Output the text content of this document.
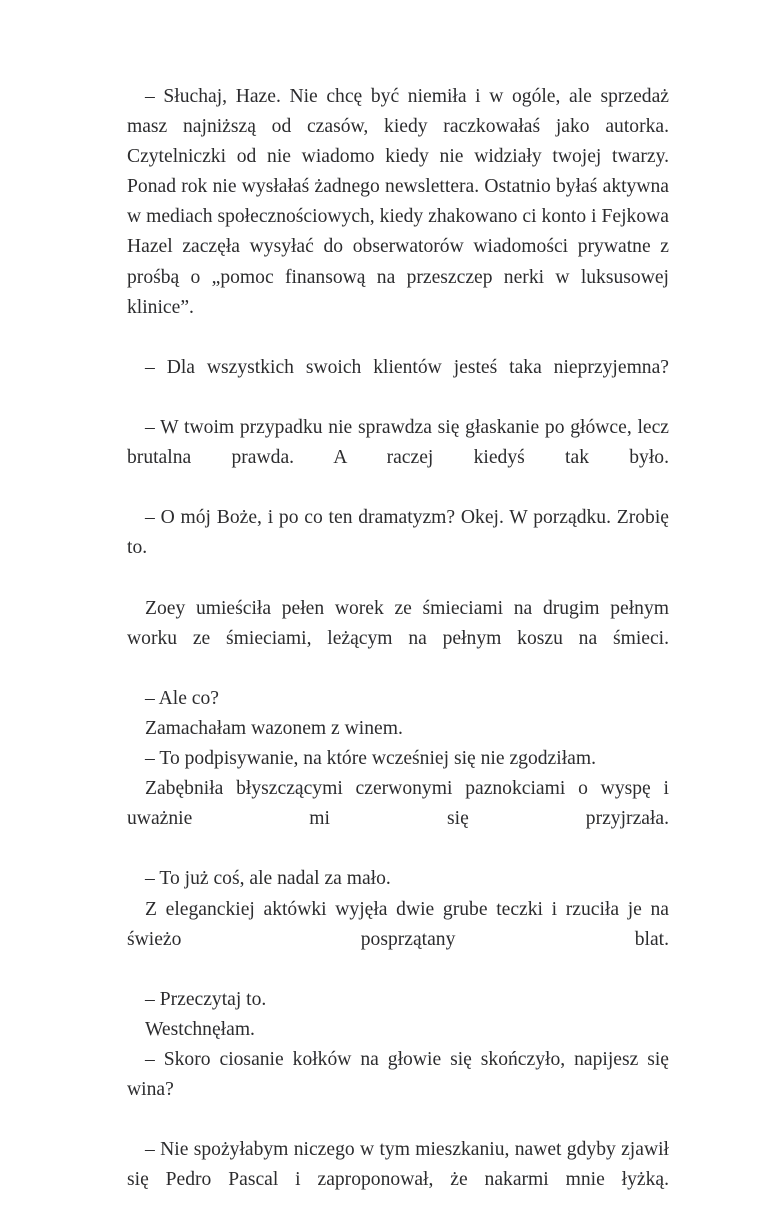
– Słuchaj, Haze. Nie chcę być niemiła i w ogóle, ale sprzedaż masz najniższą od czasów, kiedy raczkowałaś jako autorka. Czytelniczki od nie wiadomo kiedy nie widziały twojej twarzy. Ponad rok nie wysłałaś żadnego newslettera. Ostatnio byłaś aktywna w mediach społecznościowych, kiedy zhakowano ci konto i Fejkowa Hazel zaczęła wysyłać do obserwatorów wiadomości prywatne z prośbą o „pomoc finansową na przeszczep nerki w luksusowej klinice”.

– Dla wszystkich swoich klientów jesteś taka nieprzyjemna?

– W twoim przypadku nie sprawdza się głaskanie po główce, lecz brutalna prawda. A raczej kiedyś tak było.

– O mój Boże, i po co ten dramatyzm? Okej. W porządku. Zrobię to.

Zoey umieściła pełen worek ze śmieciami na drugim pełnym worku ze śmieciami, leżącym na pełnym koszu na śmieci.

– Ale co?

Zamachałam wazonem z winem.

– To podpisywanie, na które wcześniej się nie zgodziłam.

Zabębniła błyszczącymi czerwonymi paznokciami o wyspę i uważnie mi się przyjrzała.

– To już coś, ale nadal za mało.

Z eleganckiej aktówki wyjęła dwie grube teczki i rzuciła je na świeżo posprzątany blat.

– Przeczytaj to.

Westchnęłam.

– Skoro ciosanie kołków na głowie się skończyło, napijesz się wina?

– Nie spożyłabym niczego w tym mieszkaniu, nawet gdyby zjawił się Pedro Pascal i zaproponował, że nakarmi mnie łyżką.
